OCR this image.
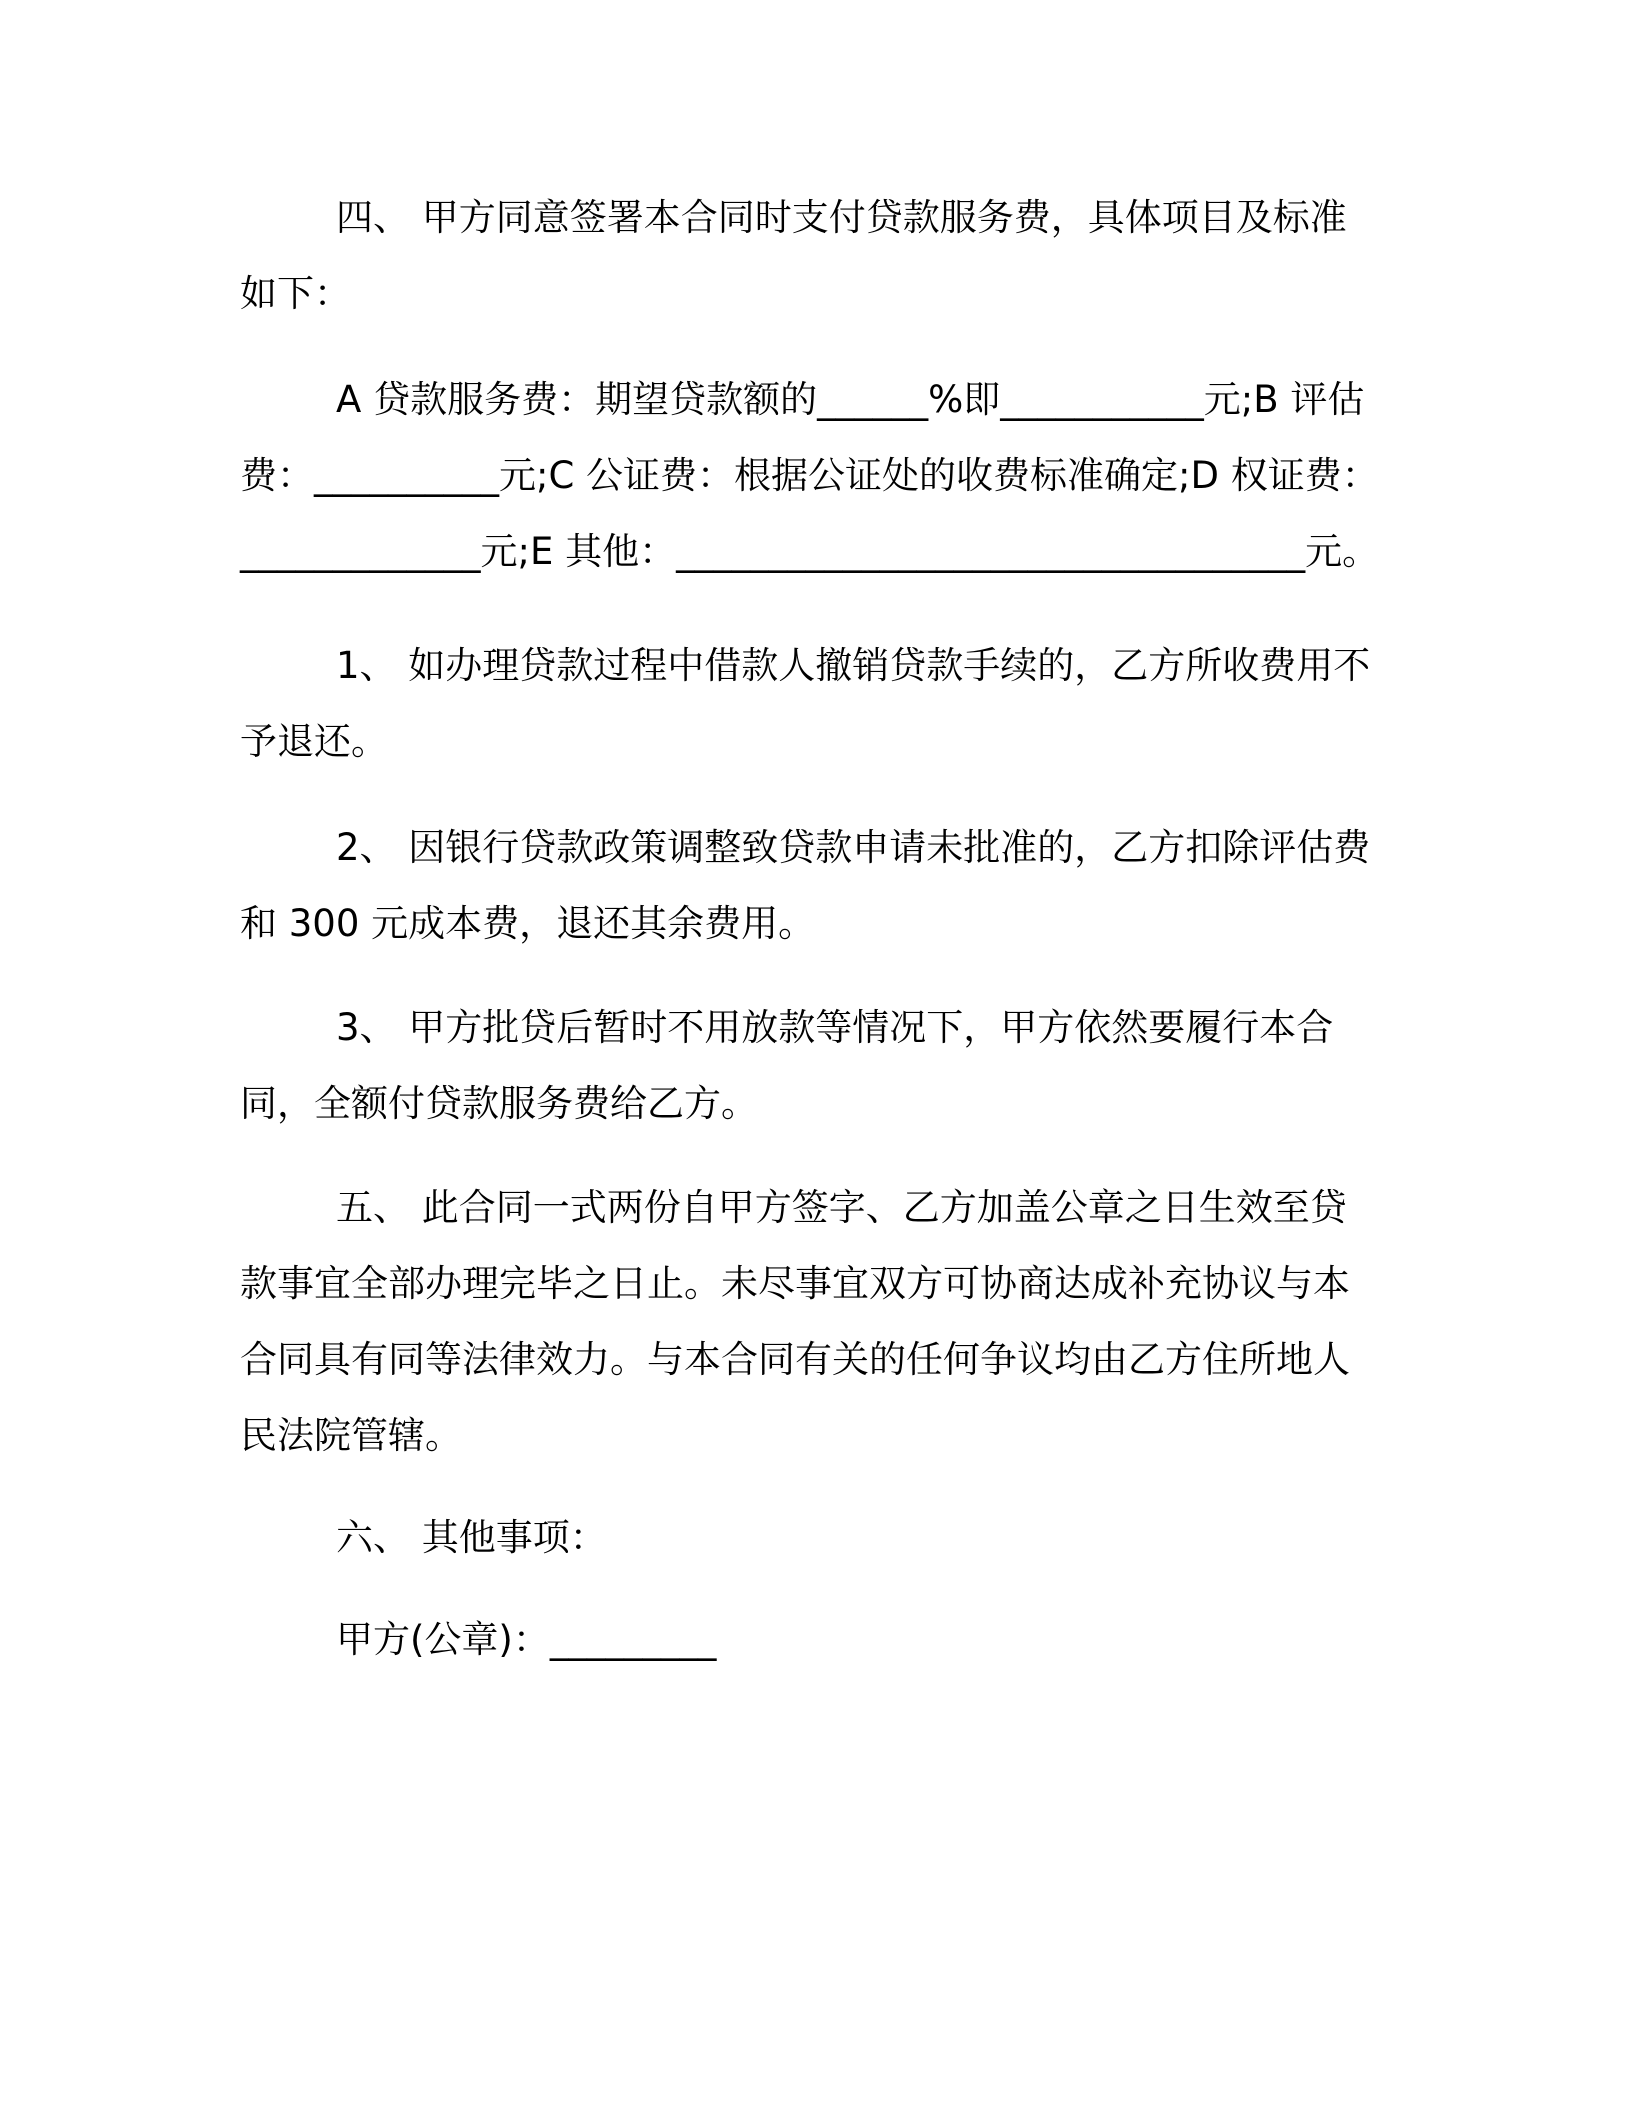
四、 甲方同意签署本合同时支付贷款服务费，具体项目及标准如下：

A 贷款服务费：期望贷款额的______%即___________元;B 评估费：__________元;C 公证费：根据公证处的收费标准确定;D 权证费：_____________元;E 其他：__________________________________元。

1、 如办理贷款过程中借款人撤销贷款手续的，乙方所收费用不予退还。

2、 因银行贷款政策调整致贷款申请未批准的，乙方扣除评估费和 300 元成本费，退还其余费用。

3、 甲方批贷后暂时不用放款等情况下，甲方依然要履行本合同，全额付贷款服务费给乙方。

五、 此合同一式两份自甲方签字、乙方加盖公章之日生效至贷款事宜全部办理完毕之日止。未尽事宜双方可协商达成补充协议与本合同具有同等法律效力。与本合同有关的任何争议均由乙方住所地人民法院管辖。

六、 其他事项：

甲方(公章)：_________
